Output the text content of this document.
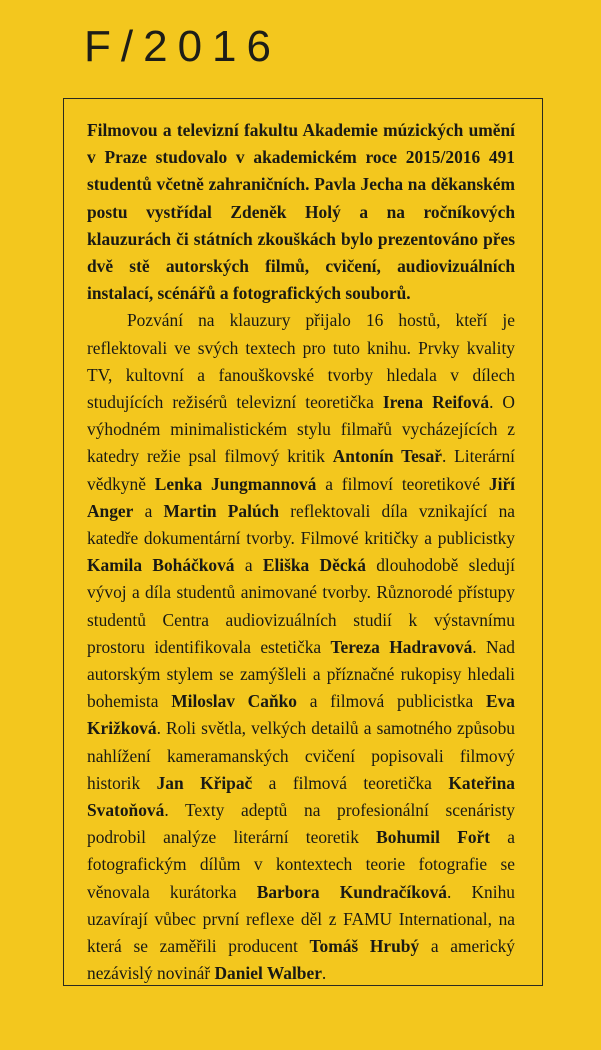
F/2016

Filmovou a televizní fakultu Akademie múzických umění v Praze studovalo v akademickém roce 2015/2016 491 studentů včetně zahraničních. Pavla Jecha na děkanském postu vystřídal Zdeněk Holý a na ročníkových klauzurách či státních zkouškách bylo prezentováno přes dvě stě autorských filmů, cvičení, audiovizuálních instalací, scénářů a fotografických souborů.

Pozvání na klauzury přijalo 16 hostů, kteří je reflektovali ve svých textech pro tuto knihu. Prvky kvality TV, kultovní a fanouškovské tvorby hledala v dílech studujících režisérů televizní teoretička Irena Reifová. O výhodném minimalistickém stylu filmařů vycházejících z katedry režie psal filmový kritik Antonín Tesař. Literární vědkyně Lenka Jungmannová a filmoví teoretikové Jiří Anger a Martin Palúch reflektovali díla vznikající na katedře dokumentární tvorby. Filmové kritičky a publicistky Kamila Boháčková a Eliška Děcká dlouhodobě sledují vývoj a díla studentů animované tvorby. Různorodé přístupy studentů Centra audiovizuálních studií k výstavnímu prostoru identifikovala estetička Tereza Hadravová. Nad autorským stylem se zamýšleli a příznačné rukopisy hledali bohemista Miloslav Caňko a filmová publicistka Eva Križková. Roli světla, velkých detailů a samotného způsobu nahlížení kameramanských cvičení popisovali filmový historik Jan Křipač a filmová teoretička Kateřina Svatoňová. Texty adeptů na profesionální scenáristy podrobil analýze literární teoretik Bohumil Fořt a fotografickým dílům v kontextech teorie fotografie se věnovala kurátorka Barbora Kundračíková. Knihu uzavírají vůbec první reflexe děl z FAMU International, na která se zaměřili producent Tomáš Hrubý a americký nezávislý novinář Daniel Walber.
